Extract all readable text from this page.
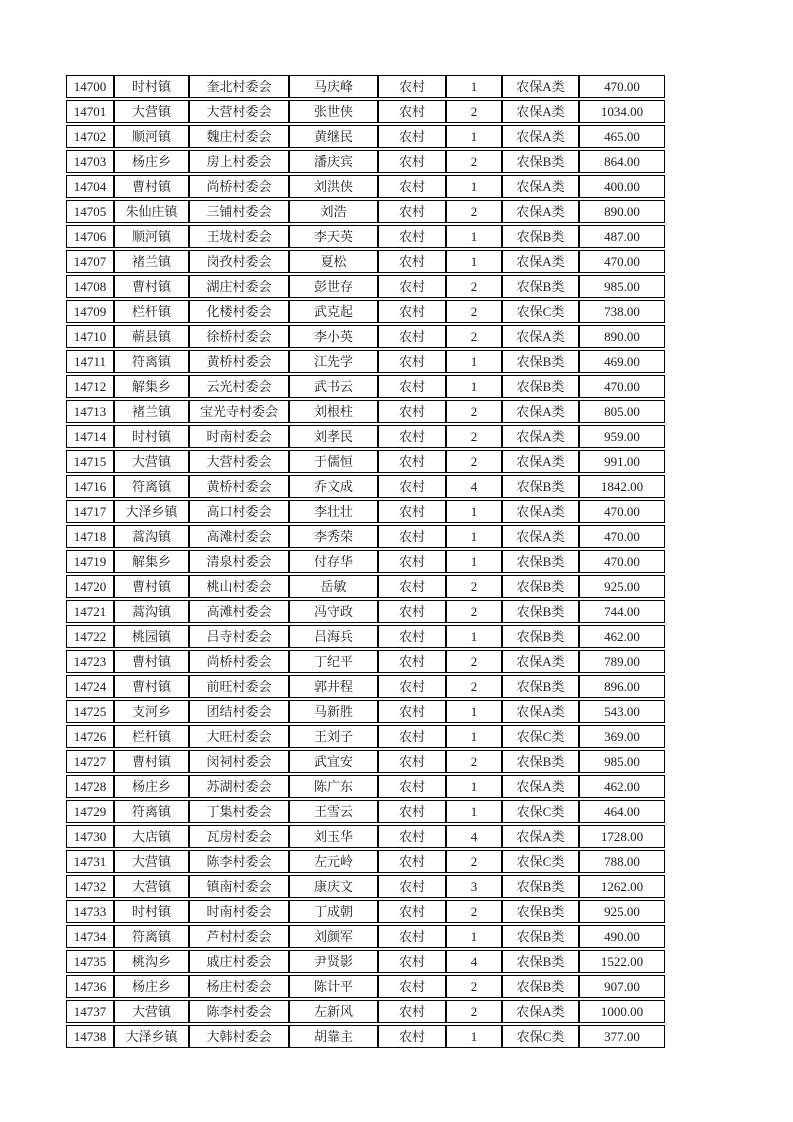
14700	时村镇	奎北村委会	马庆峰	农村	1	农保A类	470.00
14701	大营镇	大营村委会	张世侠	农村	2	农保A类	1034.00
14702	顺河镇	魏庄村委会	黄继民	农村	1	农保A类	465.00
14703	杨庄乡	房上村委会	潘庆宾	农村	2	农保B类	864.00
14704	曹村镇	尚桥村委会	刘洪侠	农村	1	农保A类	400.00
14705	朱仙庄镇	三铺村委会	刘浩	农村	2	农保A类	890.00
14706	顺河镇	王垅村委会	李天英	农村	1	农保B类	487.00
14707	褚兰镇	岗孜村委会	夏松	农村	1	农保A类	470.00
14708	曹村镇	湖庄村委会	彭世存	农村	2	农保B类	985.00
14709	栏杆镇	化楼村委会	武克起	农村	2	农保C类	738.00
14710	蕲县镇	徐桥村委会	李小英	农村	2	农保A类	890.00
14711	符离镇	黄桥村委会	江先学	农村	1	农保B类	469.00
14712	解集乡	云光村委会	武书云	农村	1	农保B类	470.00
14713	褚兰镇	宝光寺村委会	刘根柱	农村	2	农保A类	805.00
14714	时村镇	时南村委会	刘孝民	农村	2	农保A类	959.00
14715	大营镇	大营村委会	于儒恒	农村	2	农保A类	991.00
14716	符离镇	黄桥村委会	乔文成	农村	4	农保B类	1842.00
14717	大泽乡镇	高口村委会	李壮壮	农村	1	农保A类	470.00
14718	蒿沟镇	高滩村委会	李秀荣	农村	1	农保A类	470.00
14719	解集乡	清泉村委会	付存华	农村	1	农保B类	470.00
14720	曹村镇	桃山村委会	岳敏	农村	2	农保B类	925.00
14721	蒿沟镇	高滩村委会	冯守政	农村	2	农保B类	744.00
14722	桃园镇	吕寺村委会	吕海兵	农村	1	农保B类	462.00
14723	曹村镇	尚桥村委会	丁纪平	农村	2	农保A类	789.00
14724	曹村镇	前旺村委会	郭井程	农村	2	农保B类	896.00
14725	支河乡	团结村委会	马新胜	农村	1	农保A类	543.00
14726	栏杆镇	大旺村委会	王刘子	农村	1	农保C类	369.00
14727	曹村镇	闵祠村委会	武宜安	农村	2	农保B类	985.00
14728	杨庄乡	苏湖村委会	陈广东	农村	1	农保A类	462.00
14729	符离镇	丁集村委会	王雪云	农村	1	农保C类	464.00
14730	大店镇	瓦房村委会	刘玉华	农村	4	农保A类	1728.00
14731	大营镇	陈李村委会	左元岭	农村	2	农保C类	788.00
14732	大营镇	镇南村委会	康庆文	农村	3	农保B类	1262.00
14733	时村镇	时南村委会	丁成朝	农村	2	农保B类	925.00
14734	符离镇	芦村村委会	刘颜军	农村	1	农保B类	490.00
14735	桃沟乡	戚庄村委会	尹贤影	农村	4	农保B类	1522.00
14736	杨庄乡	杨庄村委会	陈计平	农村	2	农保B类	907.00
14737	大营镇	陈李村委会	左新风	农村	2	农保A类	1000.00
14738	大泽乡镇	大韩村委会	胡靠主	农村	1	农保C类	377.00
